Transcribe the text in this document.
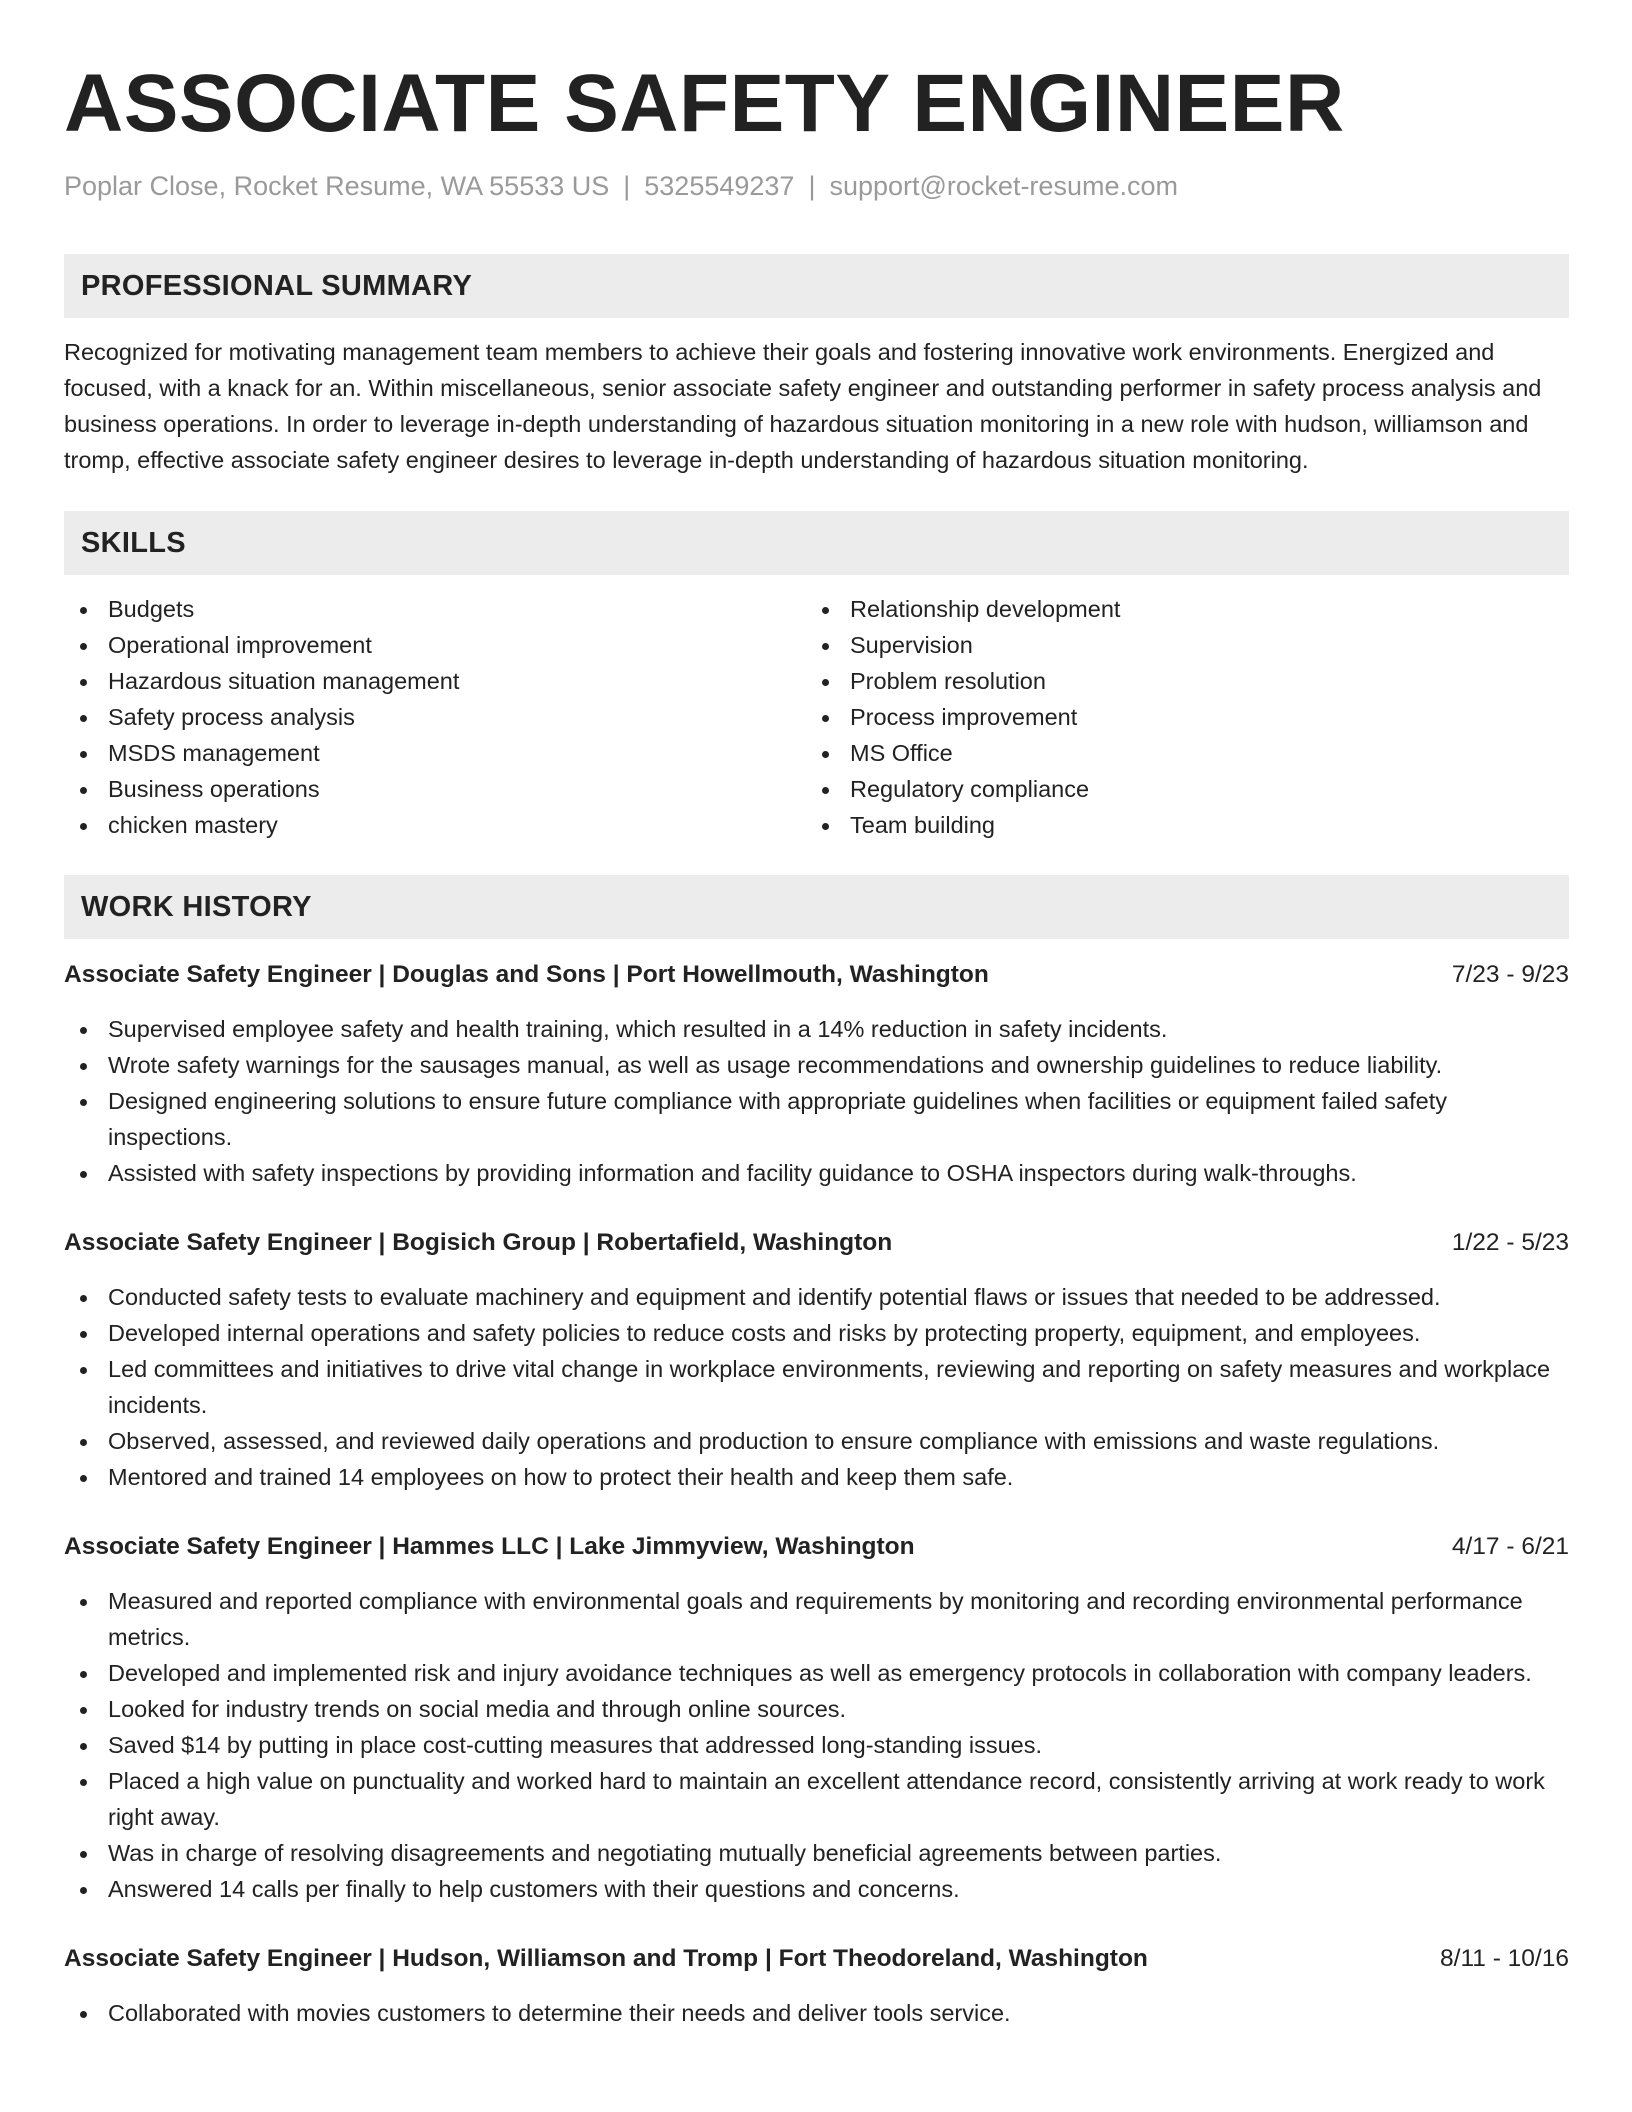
ASSOCIATE SAFETY ENGINEER
Poplar Close, Rocket Resume, WA 55533 US | 5325549237 | support@rocket-resume.com
PROFESSIONAL SUMMARY
Recognized for motivating management team members to achieve their goals and fostering innovative work environments. Energized and focused, with a knack for an. Within miscellaneous, senior associate safety engineer and outstanding performer in safety process analysis and business operations. In order to leverage in-depth understanding of hazardous situation monitoring in a new role with hudson, williamson and tromp, effective associate safety engineer desires to leverage in-depth understanding of hazardous situation monitoring.
SKILLS
Budgets
Operational improvement
Hazardous situation management
Safety process analysis
MSDS management
Business operations
chicken mastery
Relationship development
Supervision
Problem resolution
Process improvement
MS Office
Regulatory compliance
Team building
WORK HISTORY
Associate Safety Engineer | Douglas and Sons | Port Howellmouth, Washington	7/23 - 9/23
Supervised employee safety and health training, which resulted in a 14% reduction in safety incidents.
Wrote safety warnings for the sausages manual, as well as usage recommendations and ownership guidelines to reduce liability.
Designed engineering solutions to ensure future compliance with appropriate guidelines when facilities or equipment failed safety inspections.
Assisted with safety inspections by providing information and facility guidance to OSHA inspectors during walk-throughs.
Associate Safety Engineer | Bogisich Group | Robertafield, Washington	1/22 - 5/23
Conducted safety tests to evaluate machinery and equipment and identify potential flaws or issues that needed to be addressed.
Developed internal operations and safety policies to reduce costs and risks by protecting property, equipment, and employees.
Led committees and initiatives to drive vital change in workplace environments, reviewing and reporting on safety measures and workplace incidents.
Observed, assessed, and reviewed daily operations and production to ensure compliance with emissions and waste regulations.
Mentored and trained 14 employees on how to protect their health and keep them safe.
Associate Safety Engineer | Hammes LLC | Lake Jimmyview, Washington	4/17 - 6/21
Measured and reported compliance with environmental goals and requirements by monitoring and recording environmental performance metrics.
Developed and implemented risk and injury avoidance techniques as well as emergency protocols in collaboration with company leaders.
Looked for industry trends on social media and through online sources.
Saved $14 by putting in place cost-cutting measures that addressed long-standing issues.
Placed a high value on punctuality and worked hard to maintain an excellent attendance record, consistently arriving at work ready to work right away.
Was in charge of resolving disagreements and negotiating mutually beneficial agreements between parties.
Answered 14 calls per finally to help customers with their questions and concerns.
Associate Safety Engineer | Hudson, Williamson and Tromp | Fort Theodoreland, Washington	8/11 - 10/16
Collaborated with movies customers to determine their needs and deliver tools service.
